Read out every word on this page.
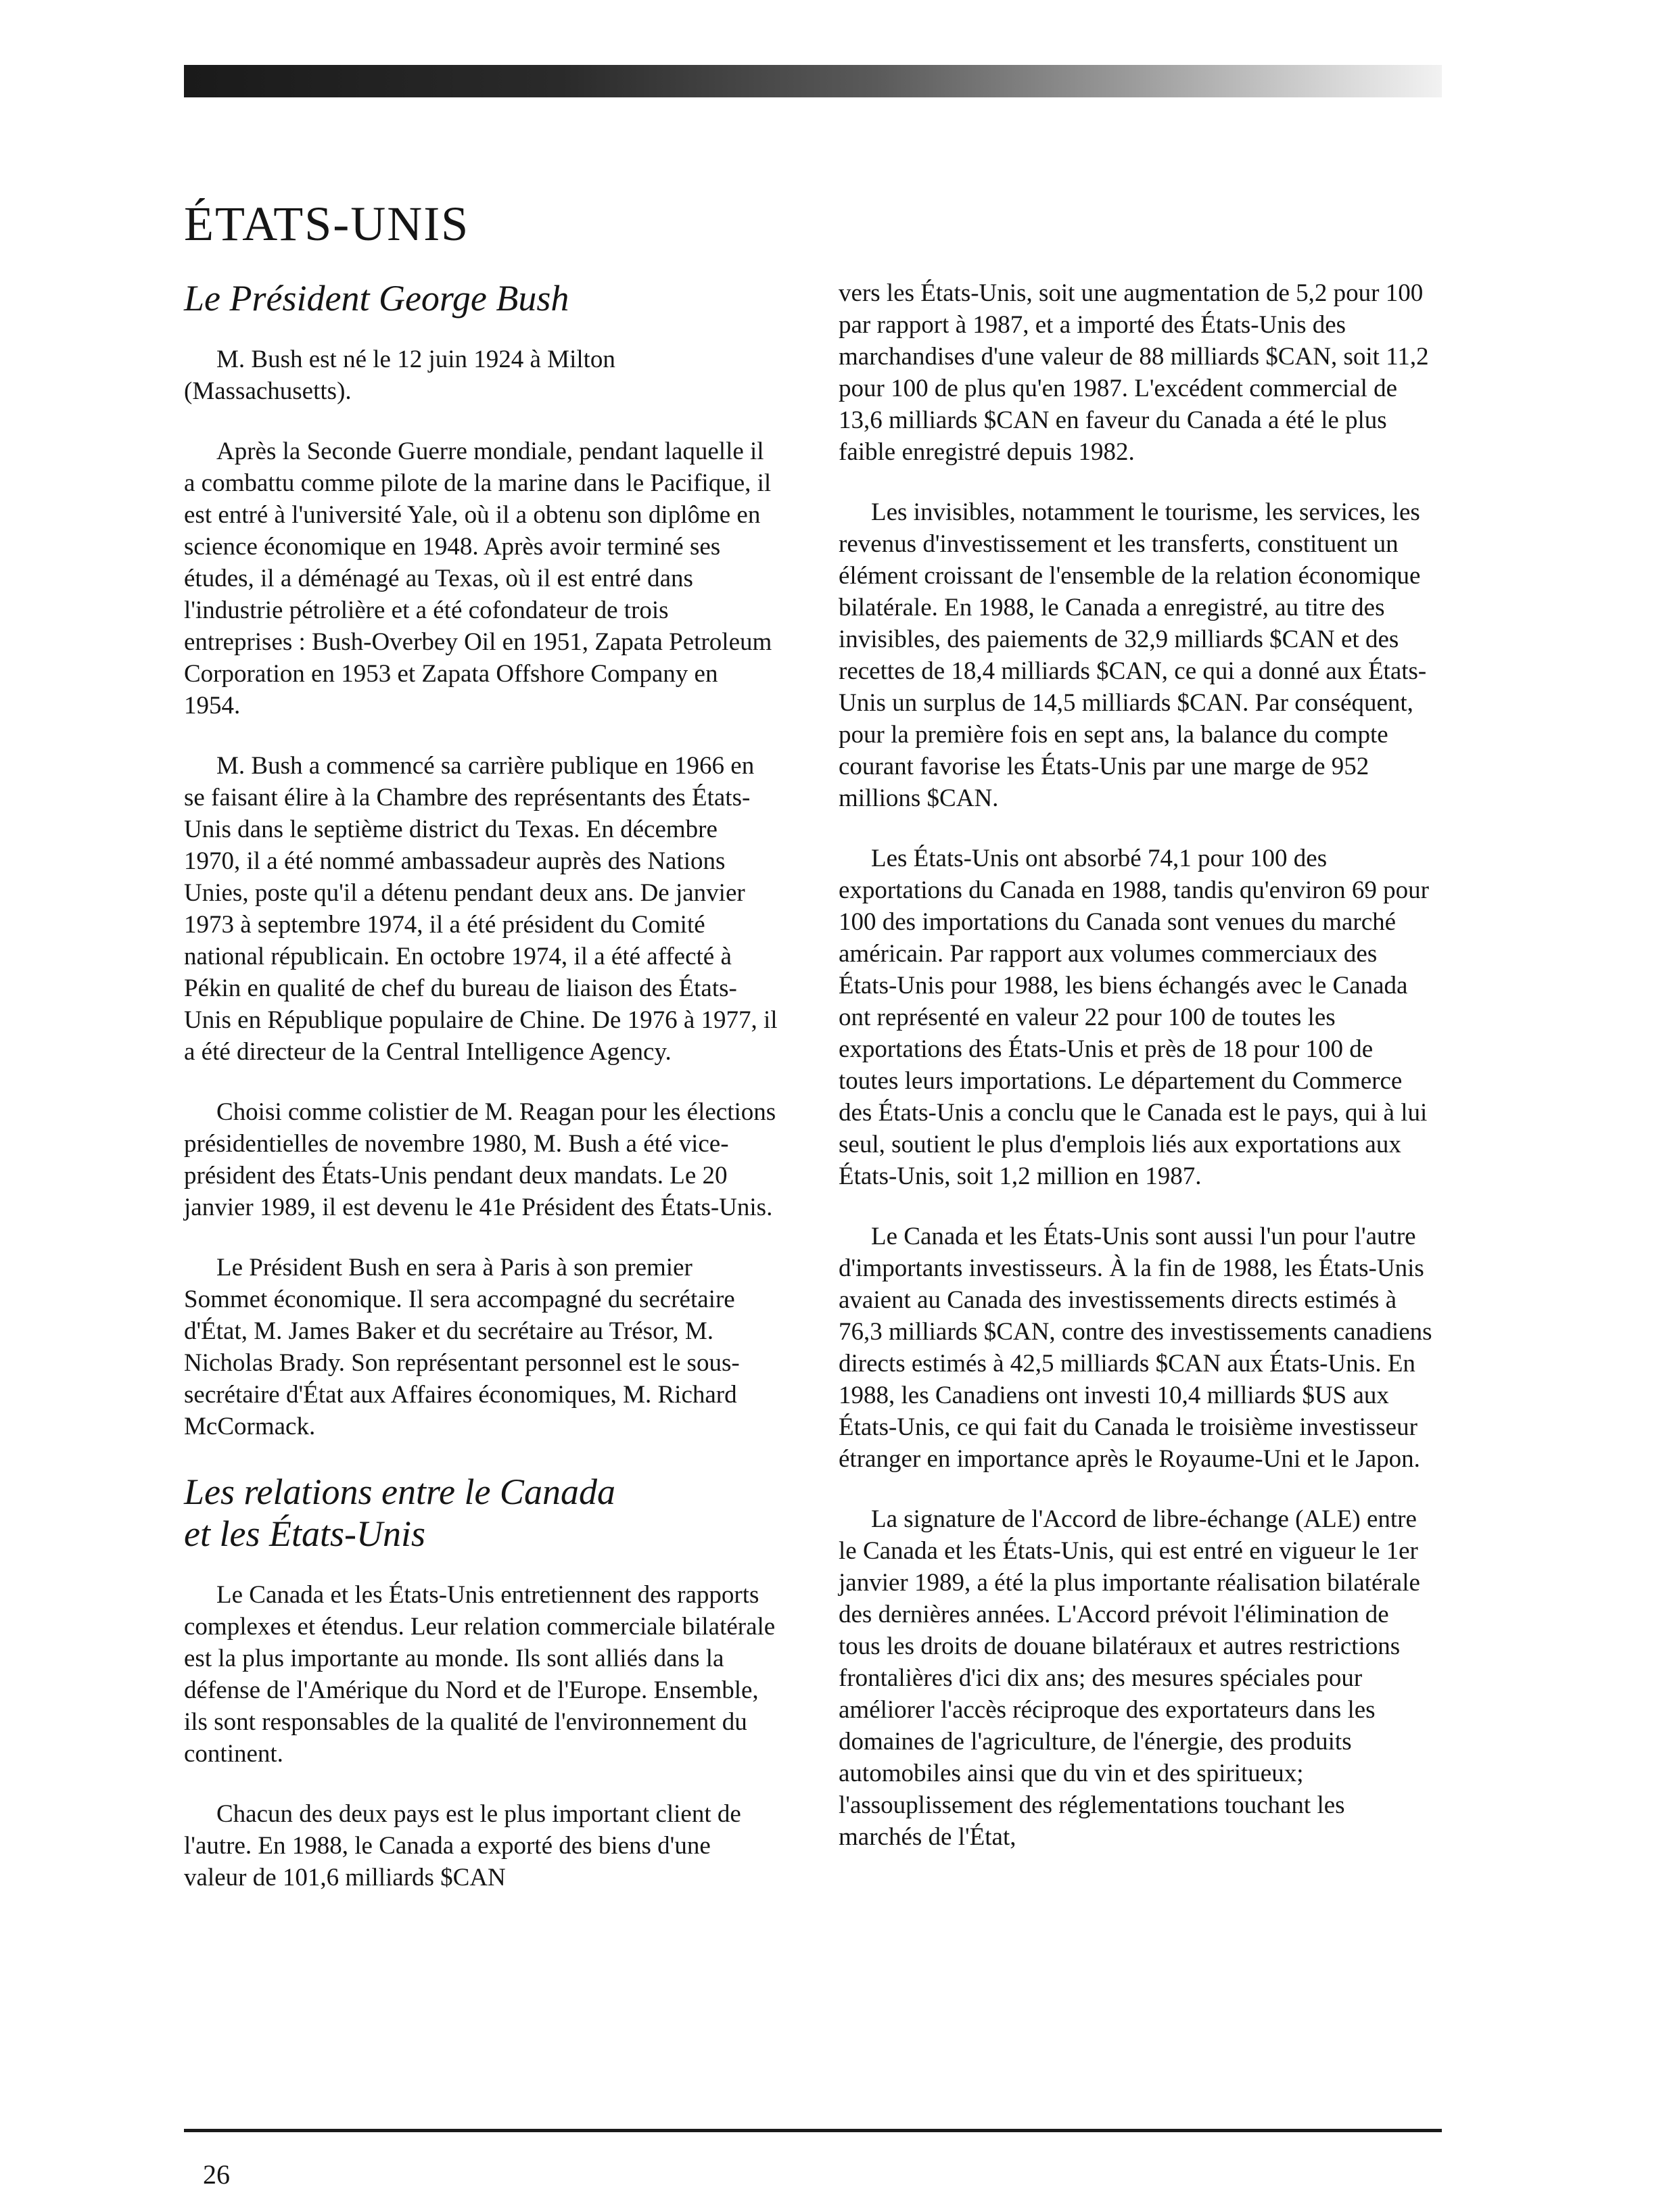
ÉTATS-UNIS
Le Président George Bush

M. Bush est né le 12 juin 1924 à Milton (Massachusetts).

Après la Seconde Guerre mondiale, pendant laquelle il a combattu comme pilote de la marine dans le Pacifique, il est entré à l'université Yale, où il a obtenu son diplôme en science économique en 1948. Après avoir terminé ses études, il a déménagé au Texas, où il est entré dans l'industrie pétrolière et a été cofondateur de trois entreprises : Bush-Overbey Oil en 1951, Zapata Petroleum Corporation en 1953 et Zapata Offshore Company en 1954.

M. Bush a commencé sa carrière publique en 1966 en se faisant élire à la Chambre des représentants des États-Unis dans le septième district du Texas. En décembre 1970, il a été nommé ambassadeur auprès des Nations Unies, poste qu'il a détenu pendant deux ans. De janvier 1973 à septembre 1974, il a été président du Comité national républicain. En octobre 1974, il a été affecté à Pékin en qualité de chef du bureau de liaison des États-Unis en République populaire de Chine. De 1976 à 1977, il a été directeur de la Central Intelligence Agency.

Choisi comme colistier de M. Reagan pour les élections présidentielles de novembre 1980, M. Bush a été vice-président des États-Unis pendant deux mandats. Le 20 janvier 1989, il est devenu le 41e Président des États-Unis.

Le Président Bush en sera à Paris à son premier Sommet économique. Il sera accompagné du secrétaire d'État, M. James Baker et du secrétaire au Trésor, M. Nicholas Brady. Son représentant personnel est le sous-secrétaire d'État aux Affaires économiques, M. Richard McCormack.

Les relations entre le Canada
et les États-Unis

Le Canada et les États-Unis entretiennent des rapports complexes et étendus. Leur relation commerciale bilatérale est la plus importante au monde. Ils sont alliés dans la défense de l'Amérique du Nord et de l'Europe. Ensemble, ils sont responsables de la qualité de l'environnement du continent.

Chacun des deux pays est le plus important client de l'autre. En 1988, le Canada a exporté des biens d'une valeur de 101,6 milliards $CAN

vers les États-Unis, soit une augmentation de 5,2 pour 100 par rapport à 1987, et a importé des États-Unis des marchandises d'une valeur de 88 milliards $CAN, soit 11,2 pour 100 de plus qu'en 1987. L'excédent commercial de 13,6 milliards $CAN en faveur du Canada a été le plus faible enregistré depuis 1982.

Les invisibles, notamment le tourisme, les services, les revenus d'investissement et les transferts, constituent un élément croissant de l'ensemble de la relation économique bilatérale. En 1988, le Canada a enregistré, au titre des invisibles, des paiements de 32,9 milliards $CAN et des recettes de 18,4 milliards $CAN, ce qui a donné aux États-Unis un surplus de 14,5 milliards $CAN. Par conséquent, pour la première fois en sept ans, la balance du compte courant favorise les États-Unis par une marge de 952 millions $CAN.

Les États-Unis ont absorbé 74,1 pour 100 des exportations du Canada en 1988, tandis qu'environ 69 pour 100 des importations du Canada sont venues du marché américain. Par rapport aux volumes commerciaux des États-Unis pour 1988, les biens échangés avec le Canada ont représenté en valeur 22 pour 100 de toutes les exportations des États-Unis et près de 18 pour 100 de toutes leurs importations. Le département du Commerce des États-Unis a conclu que le Canada est le pays, qui à lui seul, soutient le plus d'emplois liés aux exportations aux États-Unis, soit 1,2 million en 1987.

Le Canada et les États-Unis sont aussi l'un pour l'autre d'importants investisseurs. À la fin de 1988, les États-Unis avaient au Canada des investissements directs estimés à 76,3 milliards $CAN, contre des investissements canadiens directs estimés à 42,5 milliards $CAN aux États-Unis. En 1988, les Canadiens ont investi 10,4 milliards $US aux États-Unis, ce qui fait du Canada le troisième investisseur étranger en importance après le Royaume-Uni et le Japon.

La signature de l'Accord de libre-échange (ALE) entre le Canada et les États-Unis, qui est entré en vigueur le 1er janvier 1989, a été la plus importante réalisation bilatérale des dernières années. L'Accord prévoit l'élimination de tous les droits de douane bilatéraux et autres restrictions frontalières d'ici dix ans; des mesures spéciales pour améliorer l'accès réciproque des exportateurs dans les domaines de l'agriculture, de l'énergie, des produits automobiles ainsi que du vin et des spiritueux; l'assouplissement des réglementations touchant les marchés de l'État,

26
